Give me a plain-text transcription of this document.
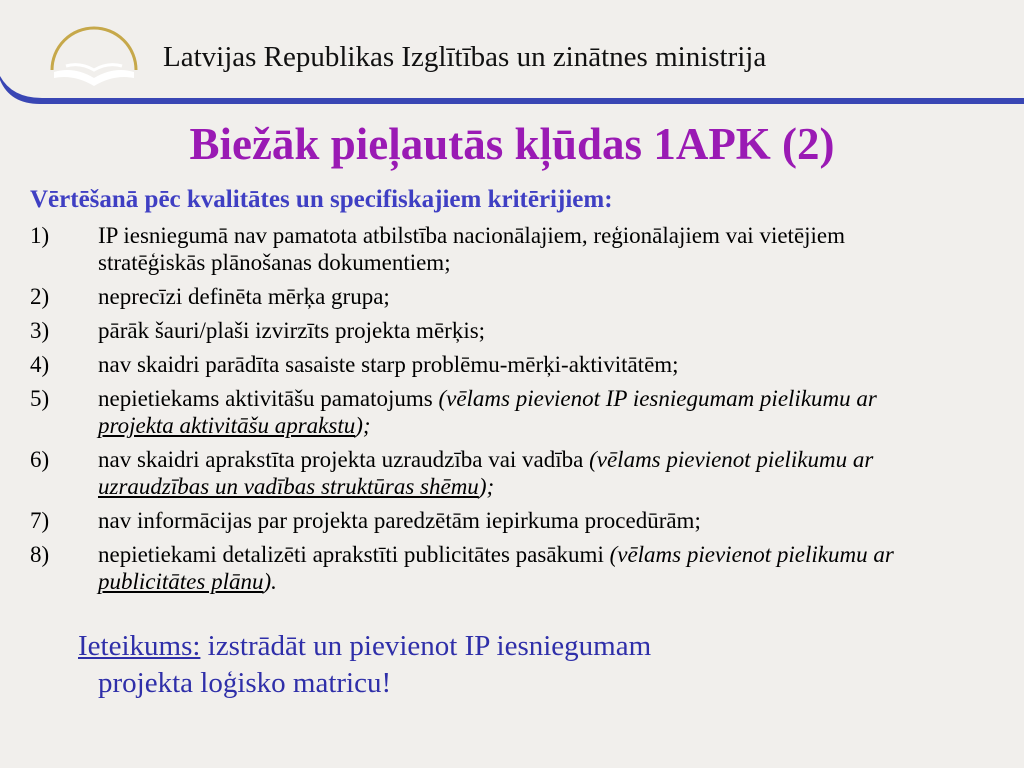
Latvijas Republikas Izglītības un zinātnes ministrija
Biežāk pieļautās kļūdas 1APK (2)
Vērtēšanā pēc kvalitātes un specifiskajiem kritērijiem:
1) IP iesniegumā nav pamatota atbilstība nacionālajiem, reģionālajiem vai vietējiem stratēģiskās plānošanas dokumentiem;
2) neprecīzi definēta mērķa grupa;
3) pārāk šauri/plaši izvirzīts projekta mērķis;
4) nav skaidri parādīta sasaiste starp problēmu-mērķi-aktivitātēm;
5) nepietiekams aktivitāšu pamatojums (vēlams pievienot IP iesniegumam pielikumu ar projekta aktivitāšu aprakstu);
6) nav skaidri aprakstīta projekta uzraudzība vai vadība (vēlams pievienot pielikumu ar uzraudzības un vadības struktūras shēmu);
7) nav informācijas par projekta paredzētām iepirkuma procedūrām;
8) nepietiekami detalizēti aprakstīti publicitātes pasākumi (vēlams pievienot pielikumu ar publicitātes plānu).
Ieteikums: izstrādāt un pievienot IP iesniegumam
projekta loģisko matricu!
